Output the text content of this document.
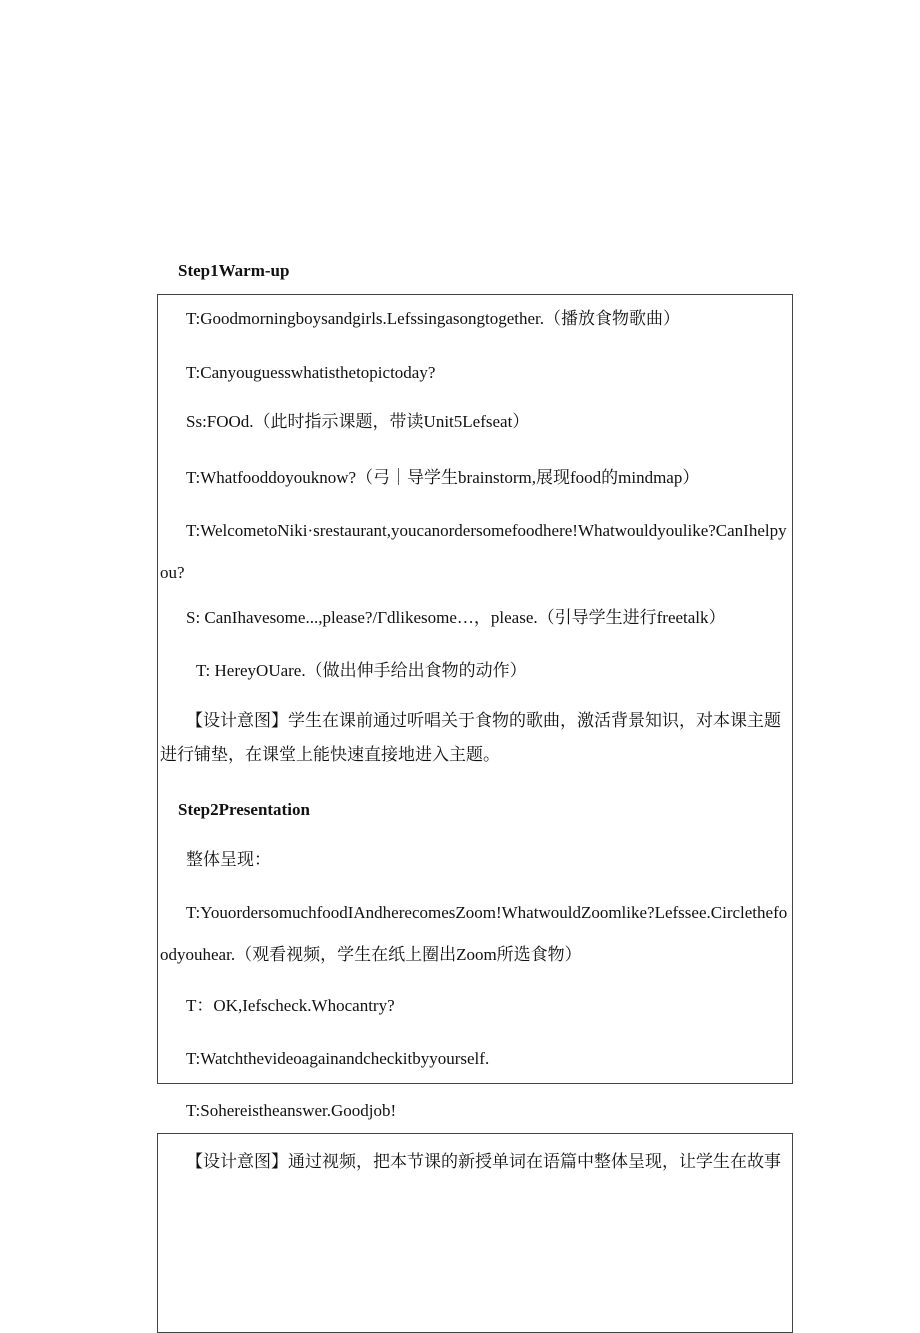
Step1Warm-up
T:Goodmorningboysandgirls.Lefssingasongtogether.（播放食物歌曲）
T:Canyouguesswhatisthetopictoday?
Ss:FOOd.（此时指示课题，带读Unit5Lefseat）
T:Whatfooddoyouknow?（弓｜导学生brainstorm,展现food的mindmap）
T:WelcometoNiki·srestaurant,youcanordersomefoodhere!Whatwouldyoulike?CanIhelpyou?
S: CanIhavesome...,please?/Γdlikesome…，please.（引导学生进行freetalk）
T: HereyOUare.（做出伸手给出食物的动作）
【设计意图】学生在课前通过听唱关于食物的歌曲，激活背景知识，对本课主题进行铺垫，在课堂上能快速直接地进入主题。
Step2Presentation
整体呈现：
T:YouordersomuchfoodIAndherecomesZoom!WhatwouldZoomlike?Lefssee.Circlethefoodyouhear.（观看视频，学生在纸上圈出Zoom所选食物）
T：OK,Iefscheck.Whocantry?
T:Watchthevideoagainandcheckitbyyourself.
T:Sohereistheanswer.Goodjob!
【设计意图】通过视频，把本节课的新授单词在语篇中整体呈现，让学生在故事
